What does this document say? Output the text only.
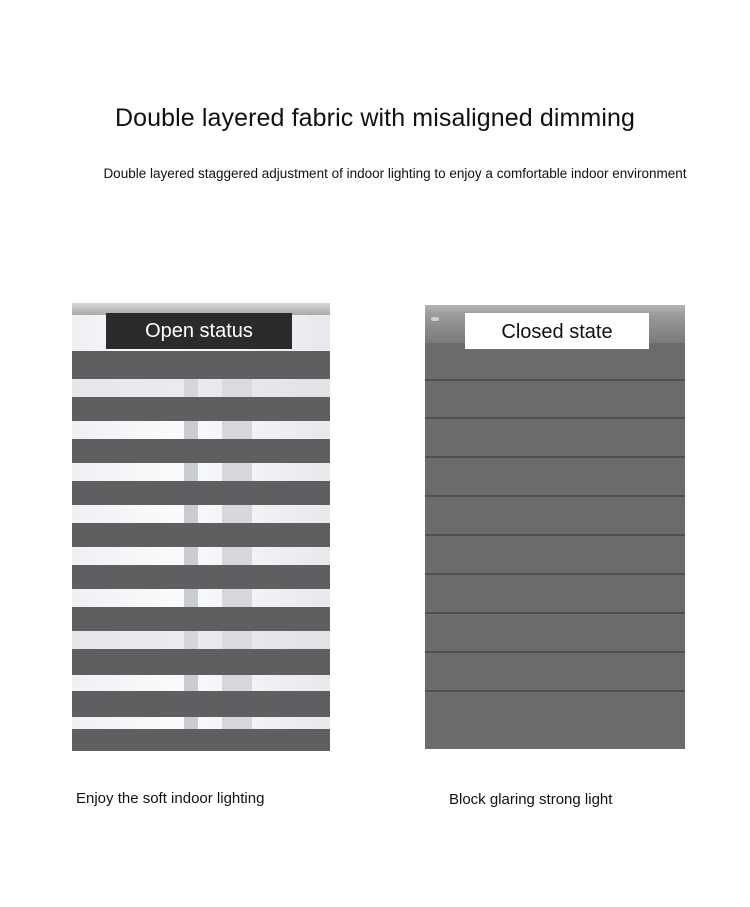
Double layered fabric with misaligned dimming
Double layered staggered adjustment of indoor lighting to enjoy a comfortable indoor environment
Open status	Closed state
Enjoy the soft indoor lighting	Block glaring strong light
